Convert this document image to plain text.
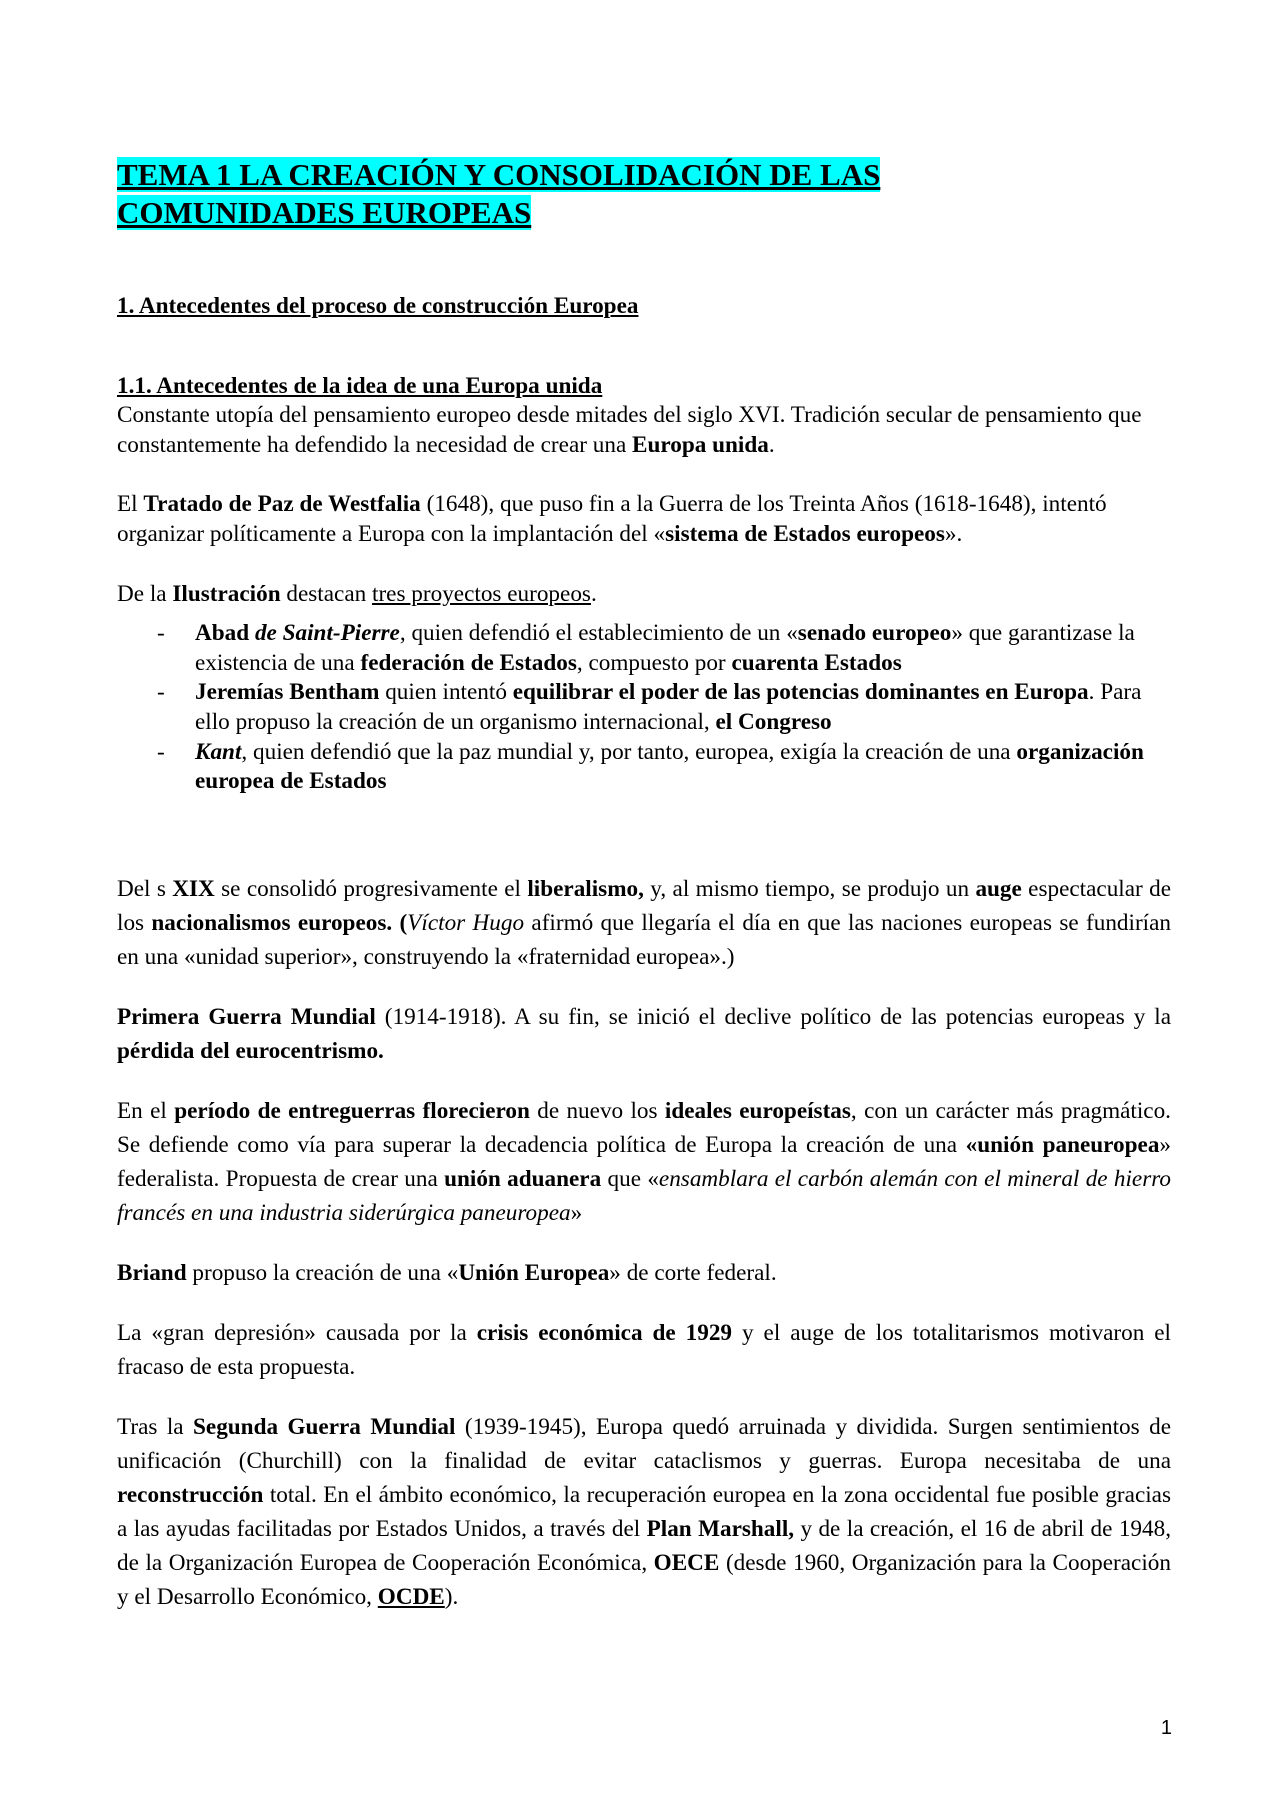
TEMA 1 LA CREACIÓN Y CONSOLIDACIÓN DE LAS
COMUNIDADES EUROPEAS
1. Antecedentes del proceso de construcción Europea
1.1. Antecedentes de la idea de una Europa unida

Constante utopía del pensamiento europeo desde mitades del siglo XVI. Tradición secular de pensamiento que constantemente ha defendido la necesidad de crear una Europa unida.

El Tratado de Paz de Westfalia (1648), que puso fin a la Guerra de los Treinta Años (1618-1648), intentó organizar políticamente a Europa con la implantación del «sistema de Estados europeos».

De la Ilustración destacan tres proyectos europeos.

- Abad de Saint-Pierre, quien defendió el establecimiento de un «senado europeo» que garantizase la existencia de una federación de Estados, compuesto por cuarenta Estados
- Jeremías Bentham quien intentó equilibrar el poder de las potencias dominantes en Europa. Para ello propuso la creación de un organismo internacional, el Congreso
- Kant, quien defendió que la paz mundial y, por tanto, europea, exigía la creación de una organización europea de Estados

Del s XIX se consolidó progresivamente el liberalismo, y, al mismo tiempo, se produjo un auge espectacular de los nacionalismos europeos. (Víctor Hugo afirmó que llegaría el día en que las naciones europeas se fundirían en una «unidad superior», construyendo la «fraternidad europea».)

Primera Guerra Mundial (1914-1918). A su fin, se inició el declive político de las potencias europeas y la pérdida del eurocentrismo.

En el período de entreguerras florecieron de nuevo los ideales europeístas, con un carácter más pragmático. Se defiende como vía para superar la decadencia política de Europa la creación de una «unión paneuropea» federalista. Propuesta de crear una unión aduanera que «ensamblara el carbón alemán con el mineral de hierro francés en una industria siderúrgica paneuropea»

Briand propuso la creación de una «Unión Europea» de corte federal.

La «gran depresión» causada por la crisis económica de 1929 y el auge de los totalitarismos motivaron el fracaso de esta propuesta.

Tras la Segunda Guerra Mundial (1939-1945), Europa quedó arruinada y dividida. Surgen sentimientos de unificación (Churchill) con la finalidad de evitar cataclismos y guerras. Europa necesitaba de una reconstrucción total. En el ámbito económico, la recuperación europea en la zona occidental fue posible gracias a las ayudas facilitadas por Estados Unidos, a través del Plan Marshall, y de la creación, el 16 de abril de 1948, de la Organización Europea de Cooperación Económica, OECE (desde 1960, Organización para la Cooperación y el Desarrollo Económico, OCDE).

1
